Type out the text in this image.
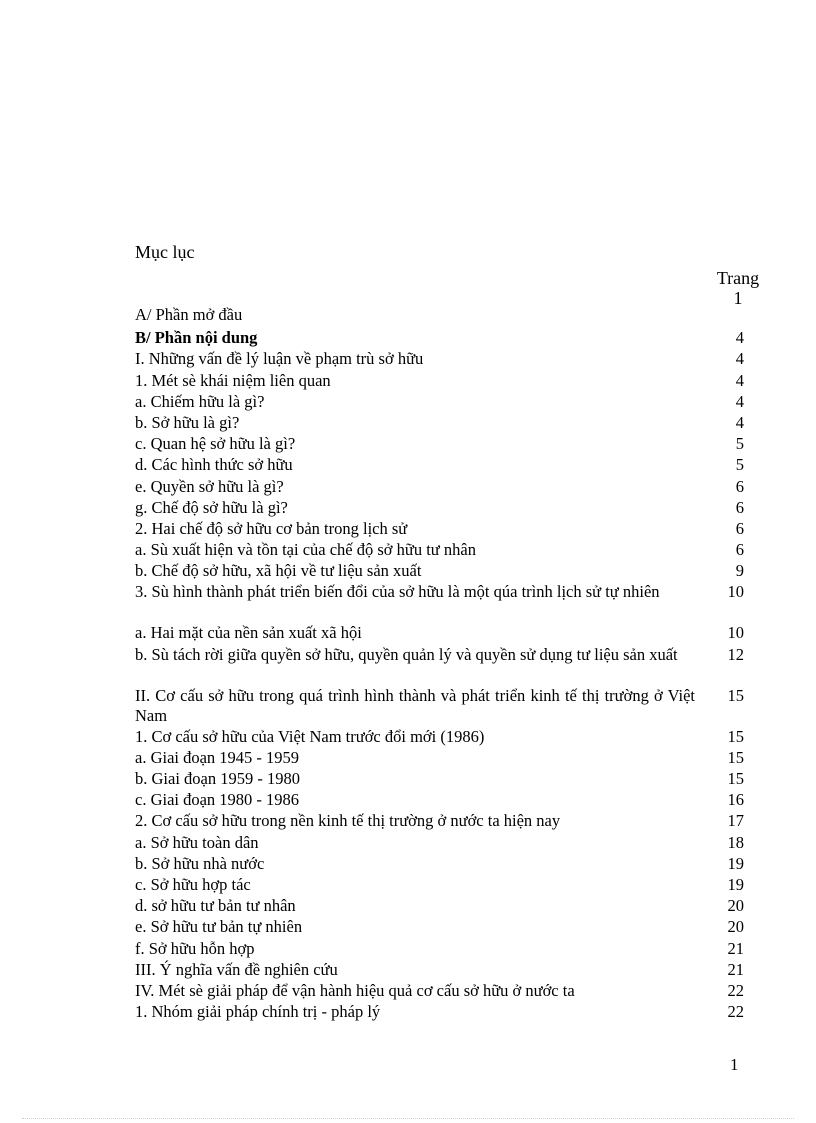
Mục lục
Trang
1
A/ Phần mở đầu
B/ Phần nội dung	4
I. Những vấn đề lý luận về phạm trù sở hữu	4
1. Mét sè khái niệm liên quan	4
a. Chiếm hữu là gì?	4
b. Sở hữu là gì?	4
c. Quan hệ sở hữu là gì?	5
d. Các hình thức sở hữu	5
e. Quyền sở hữu là gì?	6
g. Chế độ sở hữu là gì?	6
2. Hai chế độ sở hữu cơ bản trong lịch sử	6
a. Sù xuất hiện và tồn tại của chế độ sở hữu tư nhân	6
b. Chế độ sở hữu, xã hội về tư liệu sản xuất	9
3. Sù hình thành phát triển biến đổi của sở hữu là một qúa trình lịch sử tự nhiên	10
a. Hai mặt của nền sản xuất xã hội	10
b. Sù tách rời giữa quyền sở hữu, quyền quản lý và quyền sử dụng tư liệu sản xuất	12
II. Cơ cấu sở hữu trong quá trình hình thành và phát triển kinh tế thị trường ở Việt Nam
15
1. Cơ cấu sở hữu của Việt Nam trước đổi mới (1986)	15
a. Giai đoạn 1945 - 1959	15
b. Giai đoạn 1959 - 1980	15
c. Giai đoạn 1980 - 1986	16
2. Cơ cấu sở hữu trong nền kinh tế thị trường ở nước ta hiện nay	17
a. Sở hữu toàn dân	18
b. Sở hữu nhà nước	19
c. Sở hữu hợp tác	19
d. sở hữu tư bản tư nhân	20
e. Sở hữu tư bản tự nhiên	20
f. Sở hữu hỗn hợp	21
III. Ý nghĩa vấn đề nghiên cứu	21
IV. Mét sè giải pháp để vận hành hiệu quả cơ cấu sở hữu ở nước ta	22
1. Nhóm giải pháp chính trị - pháp lý	22
1
